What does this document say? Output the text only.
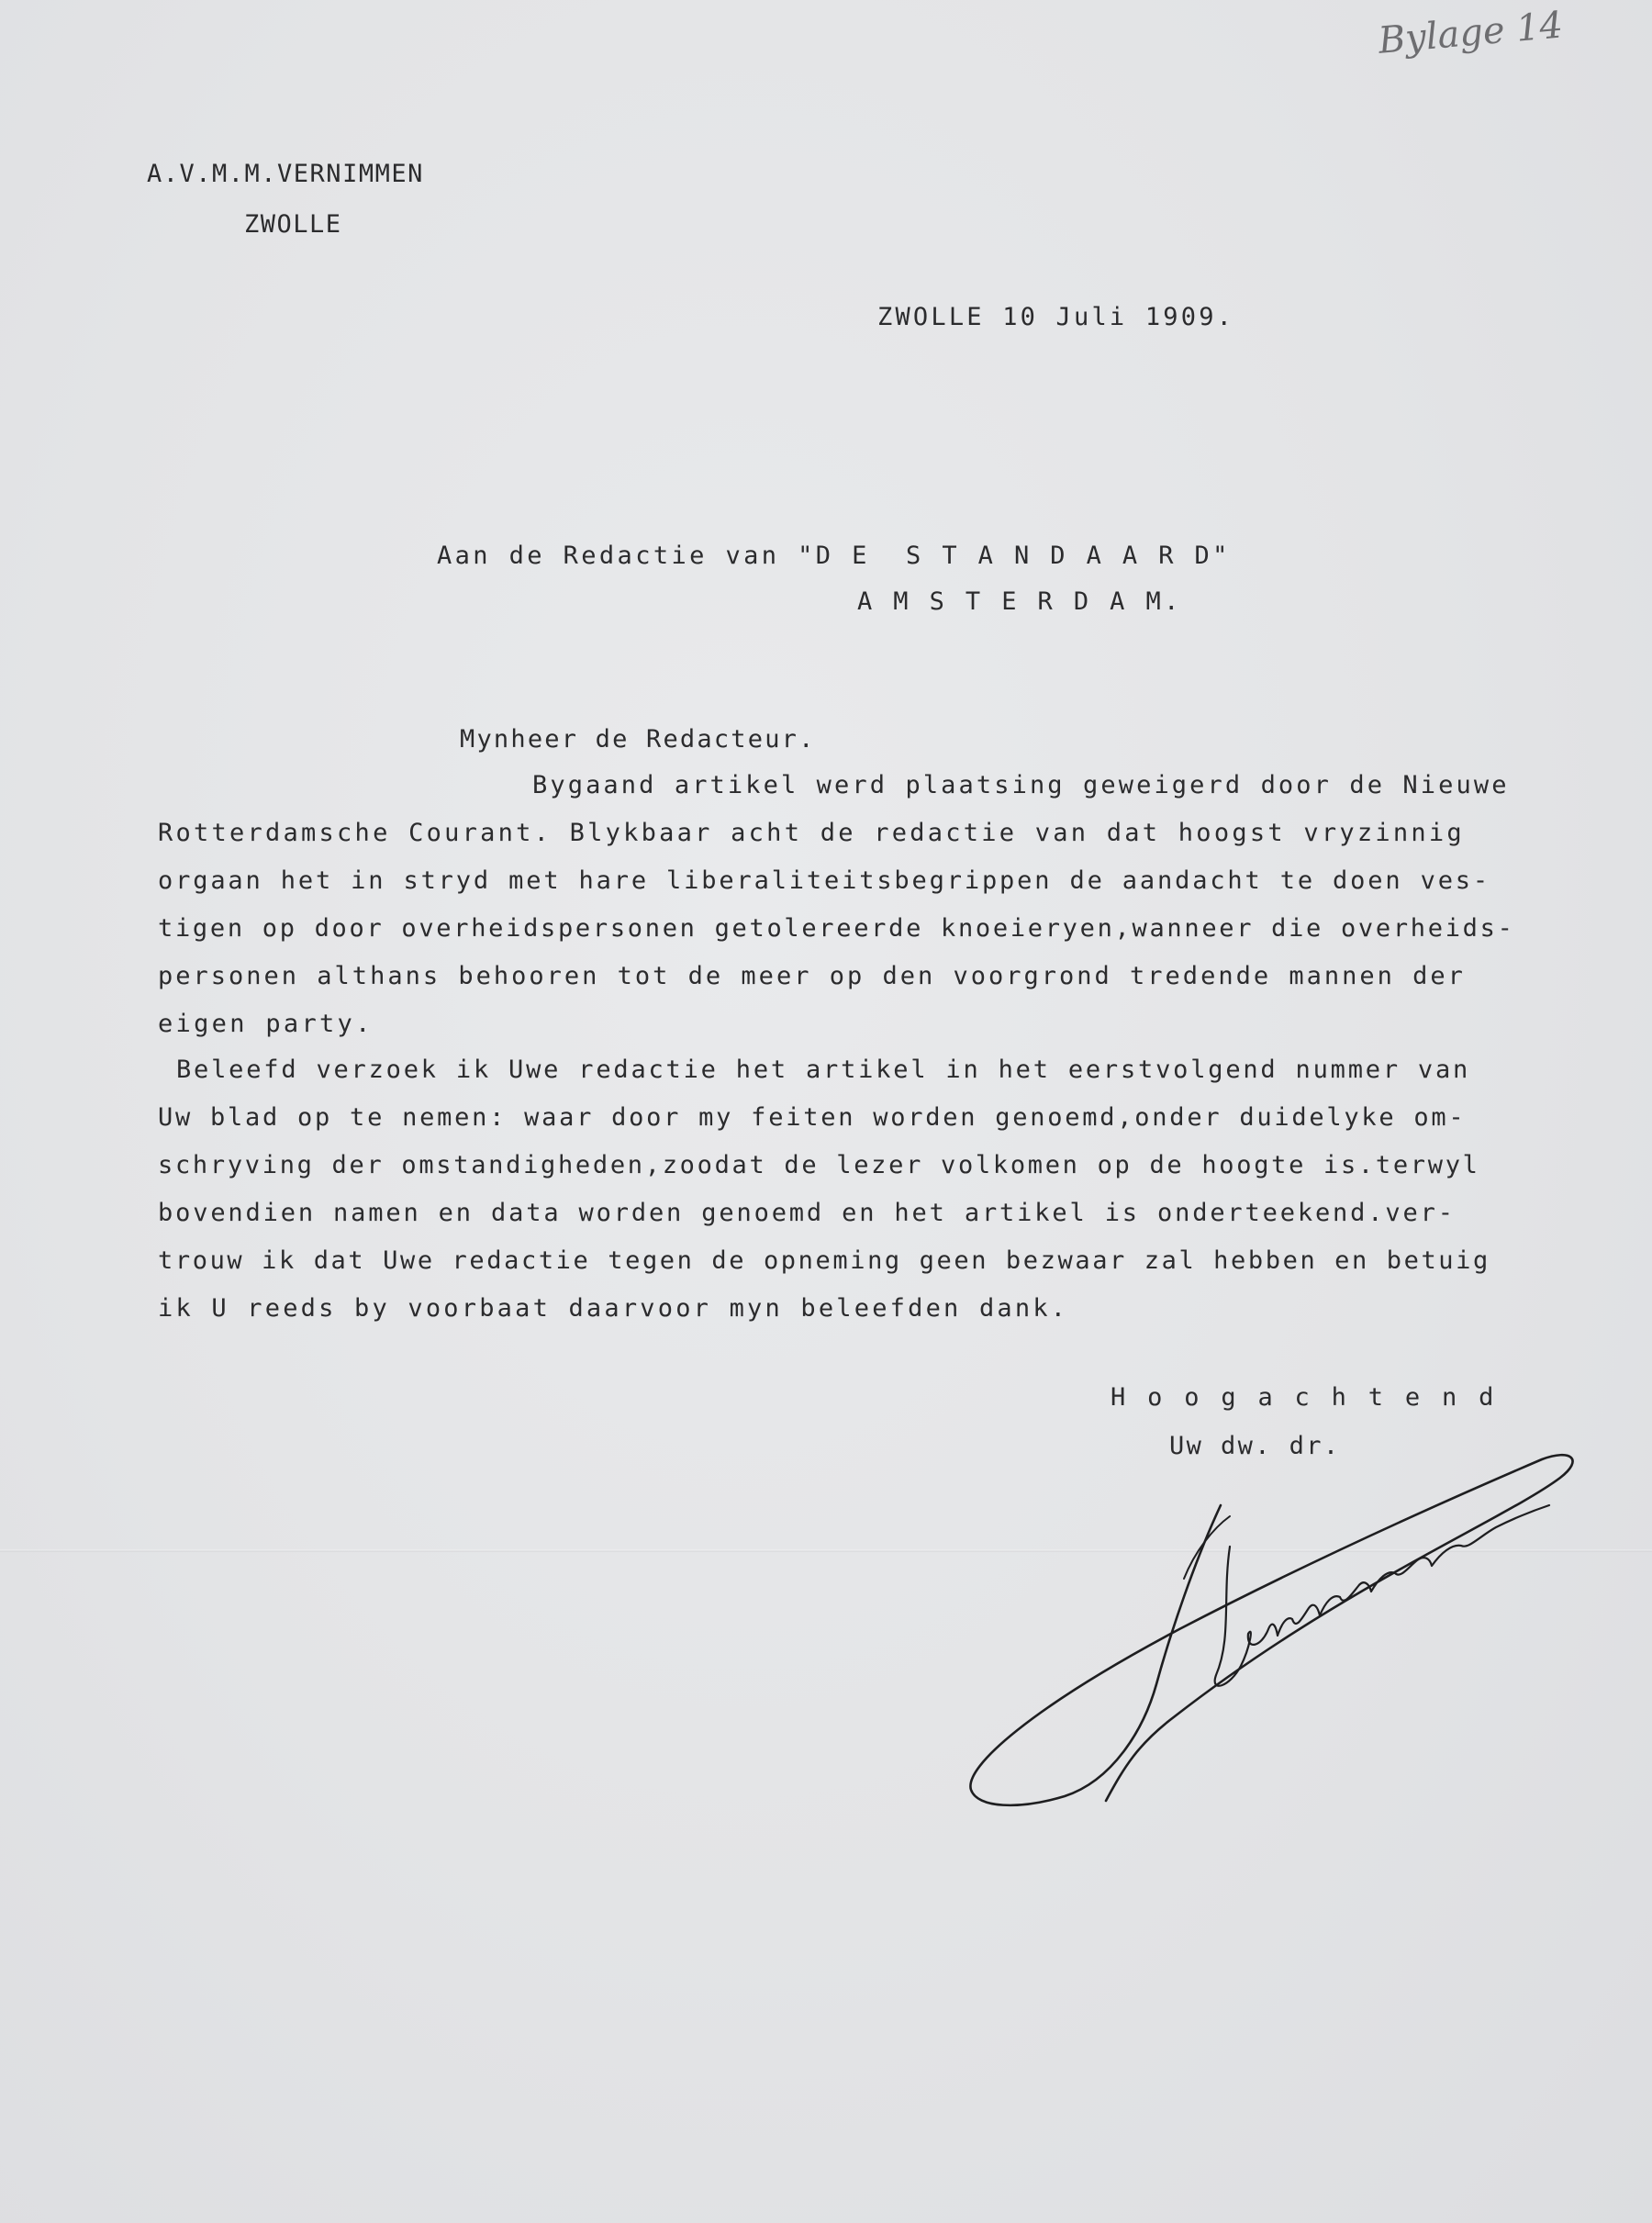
Bylage 14

A.V.M.M.VERNIMMEN

ZWOLLE

ZWOLLE 10 Juli 1909.

Aan de Redactie van "D E  S T A N D A A R D"

A M S T E R D A M.

Mynheer de Redacteur.

Bygaand artikel werd plaatsing geweigerd door de Nieuwe

Rotterdamsche Courant. Blykbaar acht de redactie van dat hoogst vryzinnig

orgaan het in stryd met hare liberaliteitsbegrippen de aandacht te doen ves-

tigen op door overheidspersonen getolereerde knoeieryen,wanneer die overheids-

personen althans behooren tot de meer op den voorgrond tredende mannen der

eigen party.

Beleefd verzoek ik Uwe redactie het artikel in het eerstvolgend nummer van

Uw blad op te nemen: waar door my feiten worden genoemd,onder duidelyke om-

schryving der omstandigheden,zoodat de lezer volkomen op de hoogte is.terwyl

bovendien namen en data worden genoemd en het artikel is onderteekend.ver-

trouw ik dat Uwe redactie tegen de opneming geen bezwaar zal hebben en betuig

ik U reeds by voorbaat daarvoor myn beleefden dank.

H o o g a c h t e n d

Uw dw. dr.
